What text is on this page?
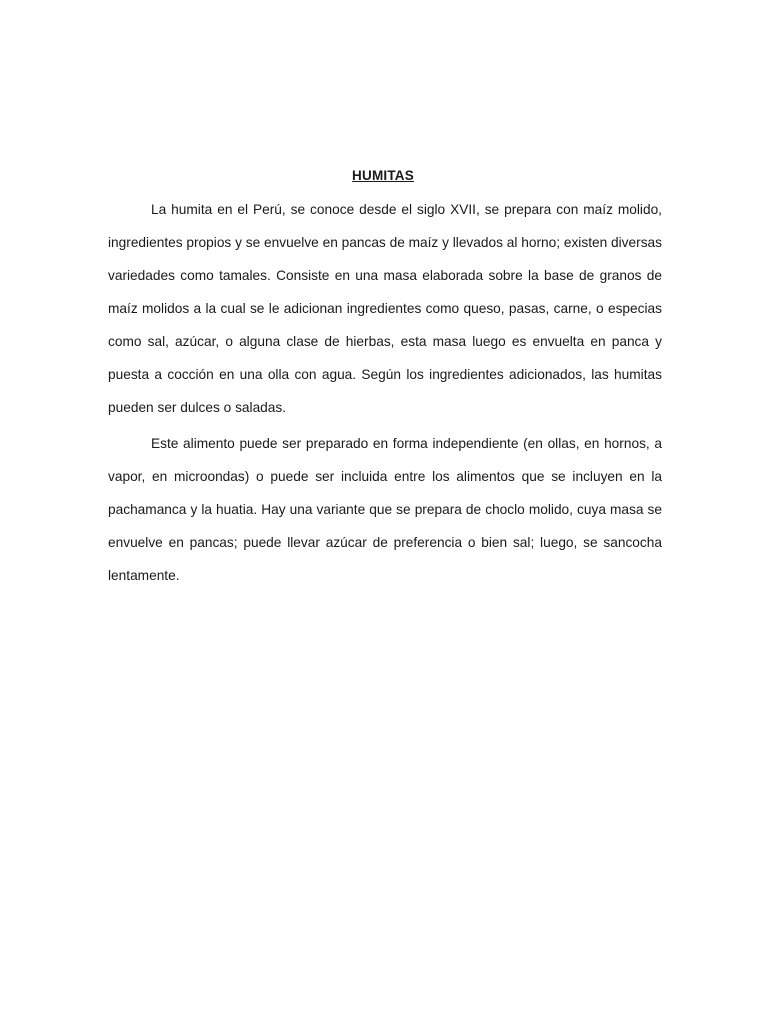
HUMITAS

La humita en el Perú, se conoce desde el siglo XVII, se prepara con maíz molido, ingredientes propios y se envuelve en pancas de maíz y llevados al horno; existen diversas variedades como tamales. Consiste en una masa elaborada sobre la base de granos de maíz molidos a la cual se le adicionan ingredientes como queso, pasas, carne, o especias como sal, azúcar, o alguna clase de hierbas, esta masa luego es envuelta en panca y puesta a cocción en una olla con agua. Según los ingredientes adicionados, las humitas pueden ser dulces o saladas.

Este alimento puede ser preparado en forma independiente (en ollas, en hornos, a vapor, en microondas) o puede ser incluida entre los alimentos que se incluyen en la pachamanca y la huatia. Hay una variante que se prepara de choclo molido, cuya masa se envuelve en pancas; puede llevar azúcar de preferencia o bien sal; luego, se sancocha lentamente.
